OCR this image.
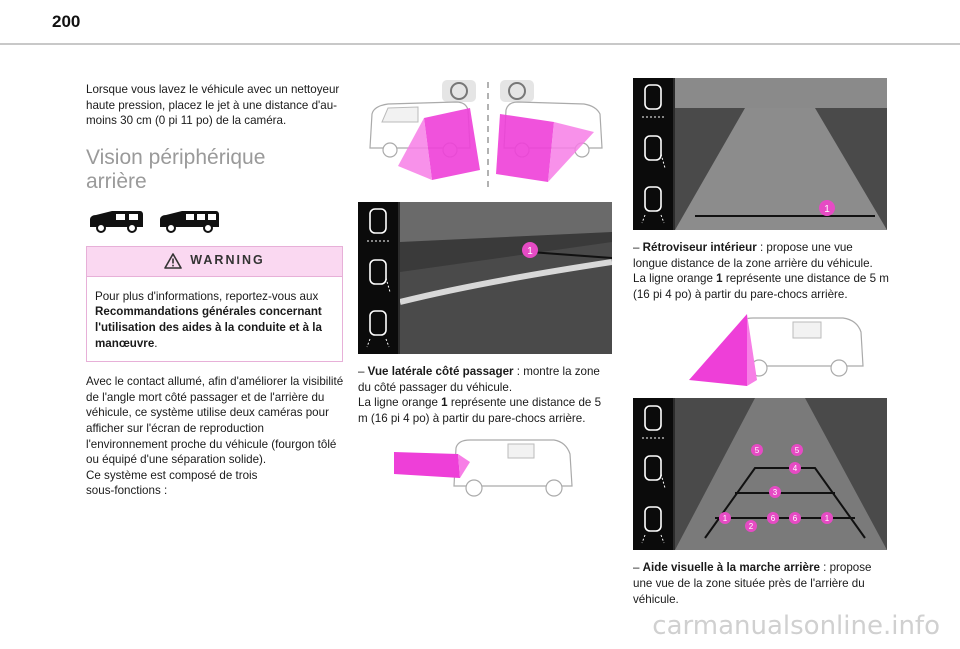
200

Lorsque vous lavez le véhicule avec un nettoyeur haute pression, placez le jet à une distance d'au-moins 30 cm (0 pi 11 po) de la caméra.

Vision périphérique
arrière
WARNING
Pour plus d'informations, reportez-vous aux Recommandations générales concernant l'utilisation des aides à la conduite et à la manœuvre.
Avec le contact allumé, afin d'améliorer la visibilité de l'angle mort côté passager et de l'arrière du véhicule, ce système utilise deux caméras pour afficher sur l'écran de reproduction l'environnement proche du véhicule (fourgon tôlé ou équipé d'une séparation solide).
Ce système est composé de trois
sous-fonctions :
1
– Vue latérale côté passager : montre la zone du côté passager du véhicule.
La ligne orange 1 représente une distance de 5 m (16 pi 4 po) à partir du pare-chocs arrière.
1
– Rétroviseur intérieur : propose une vue longue distance de la zone arrière du véhicule.
La ligne orange 1 représente une distance de 5 m (16 pi 4 po) à partir du pare-chocs arrière.
1
2
3
4
5	5
6 6	1
– Aide visuelle à la marche arrière : propose une vue de la zone située près de l'arrière du véhicule.
carmanualsonline.info
